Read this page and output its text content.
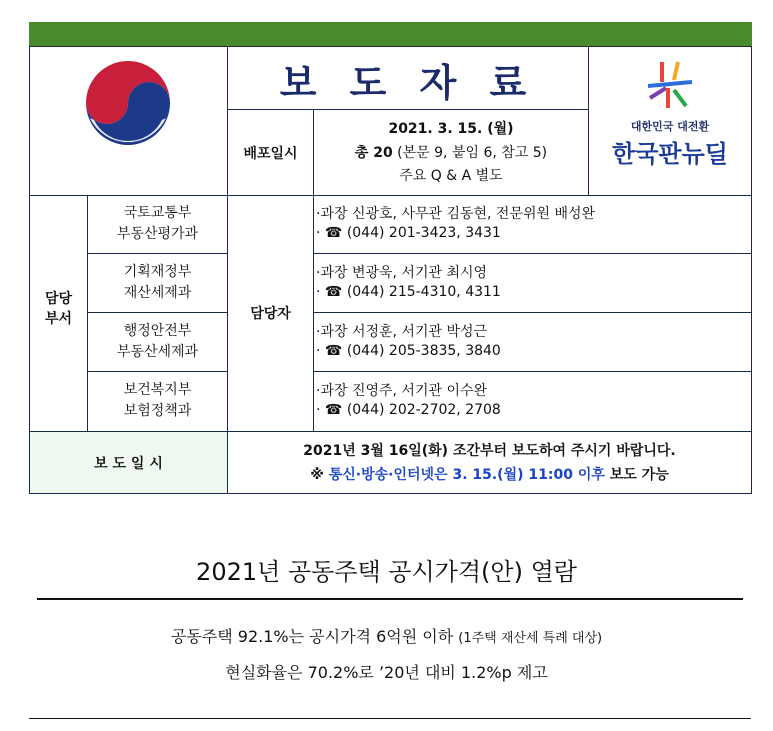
보 도 자 료
배포일시
2021. 3. 15. (월)
총 20 (본문 9, 붙임 6, 참고 5)
주요 Q & A 별도
대한민국 대전환
한국판뉴딜
담당
부서	담당자
국토교통부
부동산평가과
·과장 신광호, 사무관 김동현, 전문위원 배성완
· ☎ (044) 201-3423, 3431
기획재정부
재산세제과
·과장 변광욱, 서기관 최시영
· ☎ (044) 215-4310, 4311
행정안전부
부동산세제과
·과장 서정훈, 서기관 박성근
· ☎ (044) 205-3835, 3840
보건복지부
보험정책과
·과장 진영주, 서기관 이수완
· ☎ (044) 202-2702, 2708
보 도 일 시
2021년 3월 16일(화) 조간부터 보도하여 주시기 바랍니다.
※ 통신·방송·인터넷은 3. 15.(월) 11:00 이후 보도 가능
2021년 공동주택 공시가격(안) 열람
공동주택 92.1%는 공시가격 6억원 이하 (1주택 재산세 특례 대상)
현실화율은 70.2%로 ’20년 대비 1.2%p 제고
